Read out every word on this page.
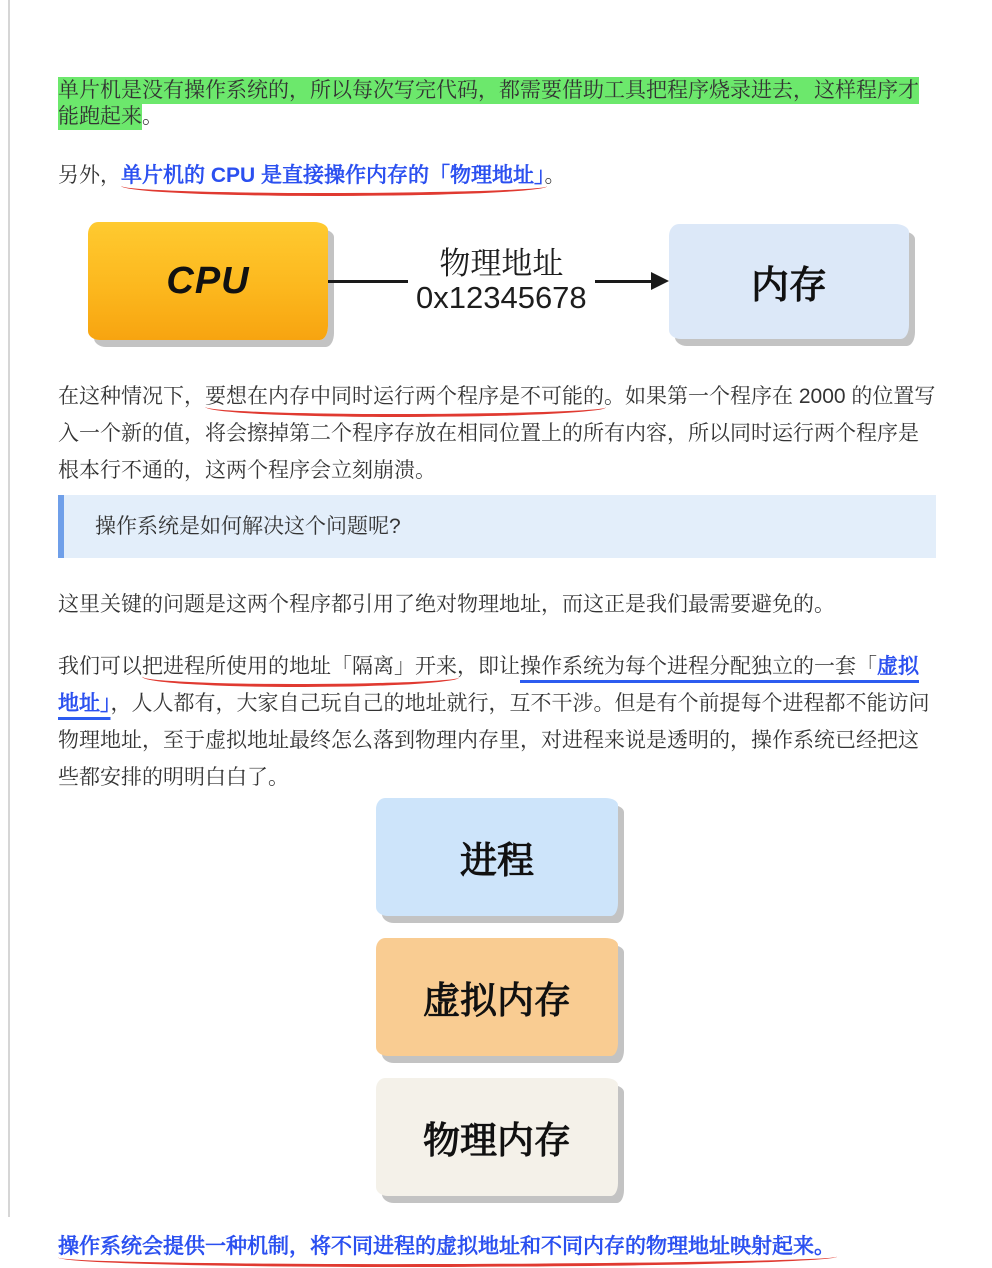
单片机是没有操作系统的，所以每次写完代码，都需要借助工具把程序烧录进去，这样程序才能跑起来。

另外，单片机的 CPU 是直接操作内存的「物理地址」。

CPU	物理地址
0x12345678	内存

在这种情况下，要想在内存中同时运行两个程序是不可能的。如果第一个程序在 2000 的位置写入一个新的值，将会擦掉第二个程序存放在相同位置上的所有内容，所以同时运行两个程序是根本行不通的，这两个程序会立刻崩溃。

操作系统是如何解决这个问题呢?

这里关键的问题是这两个程序都引用了绝对物理地址，而这正是我们最需要避免的。

我们可以把进程所使用的地址「隔离」开来，即让操作系统为每个进程分配独立的一套「虚拟地址」，人人都有，大家自己玩自己的地址就行，互不干涉。但是有个前提每个进程都不能访问物理地址，至于虚拟地址最终怎么落到物理内存里，对进程来说是透明的，操作系统已经把这些都安排的明明白白了。

进程
虚拟内存
物理内存

操作系统会提供一种机制，将不同进程的虚拟地址和不同内存的物理地址映射起来。
